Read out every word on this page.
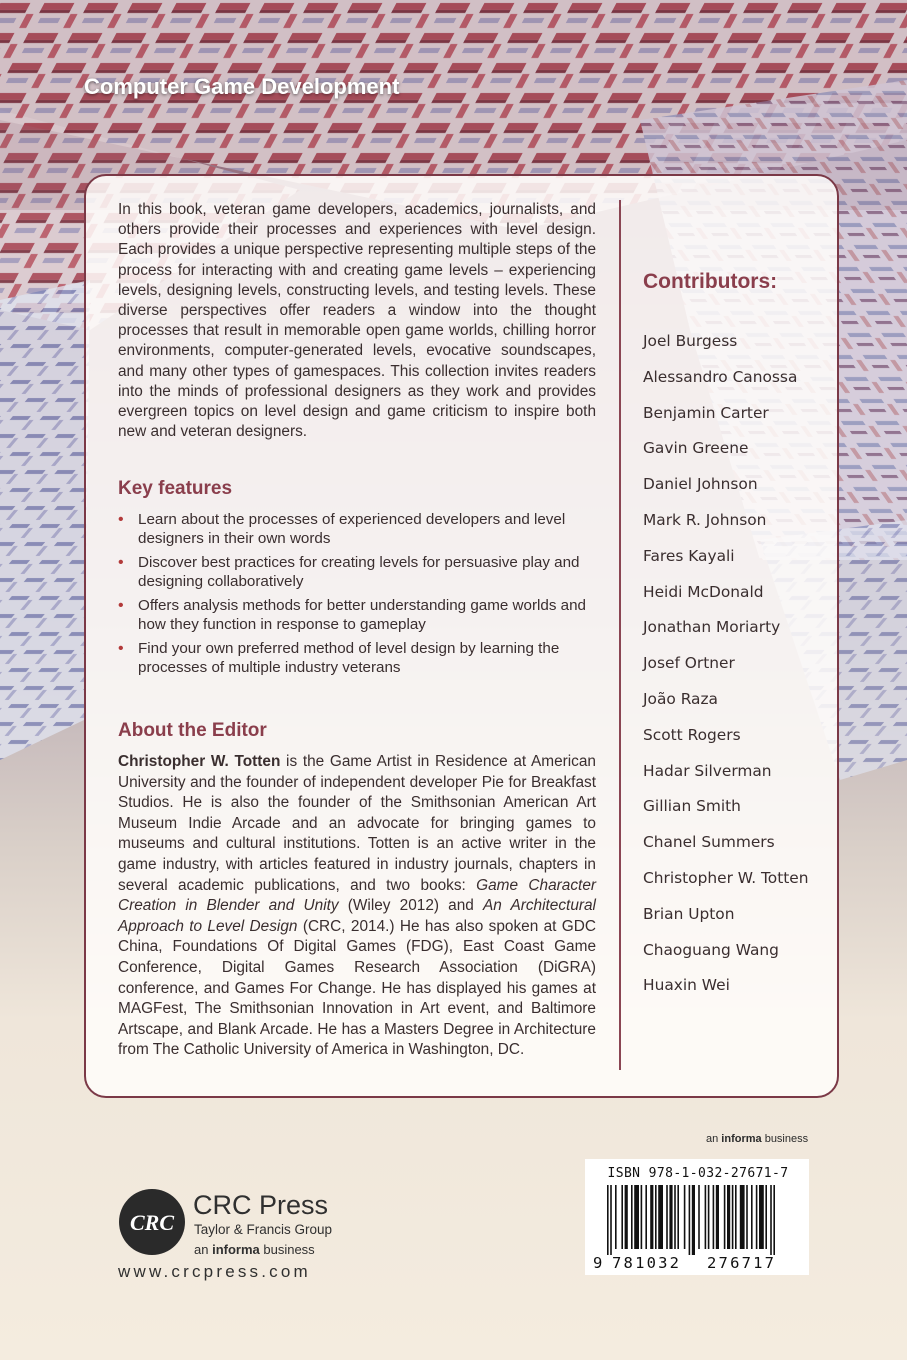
Computer Game Development

In this book, veteran game developers, academics, journalists, and others provide their processes and experiences with level design. Each provides a unique perspective representing multiple steps of the process for interacting with and creating game levels – experiencing levels, designing levels, constructing levels, and testing levels. These diverse perspectives offer readers a window into the thought processes that result in memorable open game worlds, chilling horror environments, computer-generated levels, evocative soundscapes, and many other types of gamespaces. This collection invites readers into the minds of professional designers as they work and provides evergreen topics on level design and game criticism to inspire both new and veteran designers.

Key features
• Learn about the processes of experienced developers and level designers in their own words
• Discover best practices for creating levels for persuasive play and designing collaboratively
• Offers analysis methods for better understanding game worlds and how they function in response to gameplay
• Find your own preferred method of level design by learning the processes of multiple industry veterans
About the Editor

Christopher W. Totten is the Game Artist in Residence at American University and the founder of independent developer Pie for Breakfast Studios. He is also the founder of the Smithsonian American Art Museum Indie Arcade and an advocate for bringing games to museums and cultural institutions. Totten is an active writer in the game industry, with articles featured in industry journals, chapters in several academic publications, and two books: Game Character Creation in Blender and Unity (Wiley 2012) and An Architectural Approach to Level Design (CRC, 2014.) He has also spoken at GDC China, Foundations Of Digital Games (FDG), East Coast Game Conference, Digital Games Research Association (DiGRA) conference, and Games For Change. He has displayed his games at MAGFest, The Smithsonian Innovation in Art event, and Baltimore Artscape, and Blank Arcade. He has a Masters Degree in Architecture from The Catholic University of America in Washington, DC.

Contributors:
Joel Burgess
Alessandro Canossa
Benjamin Carter
Gavin Greene
Daniel Johnson
Mark R. Johnson
Fares Kayali
Heidi McDonald
Jonathan Moriarty
Josef Ortner
João Raza
Scott Rogers
Hadar Silverman
Gillian Smith
Chanel Summers
Christopher W. Totten
Brian Upton
Chaoguang Wang
Huaxin Wei
an informa business
CRC
CRC Press
Taylor & Francis Group
an informa business
www.crcpress.com
ISBN 978-1-032-27671-7
9 781032 276717
